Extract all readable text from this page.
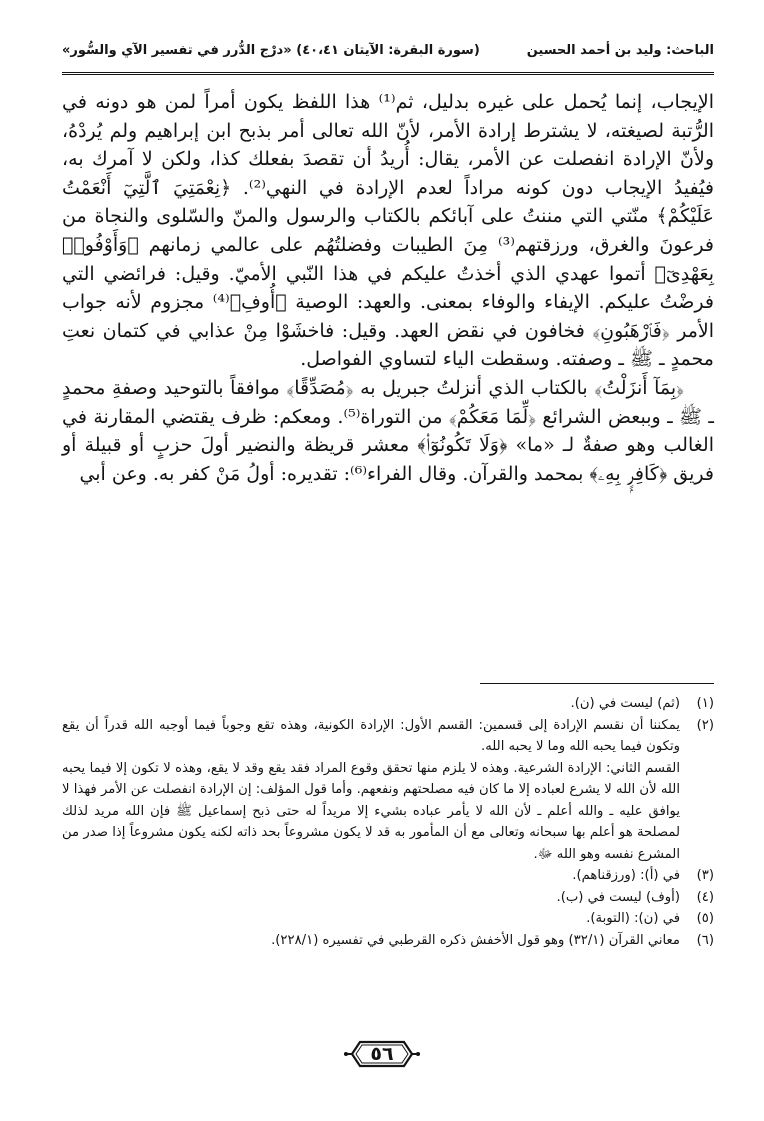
الباحث: وليد بن أحمد الحسين
(سورة البقرة: الآيتان ٤٠،٤١)
«درْج الدُّرر في تفسير الآي والسُّور»

الإيجاب، إنما يُحمل على غيره بدليل، ثم⁽¹⁾ هذا اللفظ يكون أمراً لمن هو دونه في الرُّتبة لصيغته، لا يشترط إرادة الأمر، لأنّ الله تعالى أمر بذبح ابن إبراهيم ولم يُردْهُ، ولأنّ الإرادة انفصلت عن الأمر، يقال: أُريدُ أن تقصدَ بفعلك كذا، ولكن لا آمرك به، فيُفيدُ الإيجاب دون كونه مراداً لعدم الإرادة في النهي⁽²⁾. ﴿نِعْمَتِيَ ٱلَّتِيٓ أَنْعَمْتُ عَلَيْكُمْ﴾ منّتي التي مننتُ على آبائكم بالكتاب والرسول والمنّ والسّلوى والنجاة من فرعونَ والغرق، ورزقتهم⁽³⁾ مِنَ الطيبات وفضلتُهُم على عالمي زمانهم ﴿وَأَوْفُوا۟ بِعَهْدِىٓ﴾ أتموا عهدي الذي أخذتُ عليكم في هذا النّبي الأميّ. وقيل: فرائضي التي فرضْتُ عليكم. الإيفاء والوفاء بمعنى. والعهد: الوصية ﴿أُوفِ﴾⁽⁴⁾ مجزوم لأنه جواب الأمر ﴿فَٱرْهَبُونِ﴾ فخافون في نقض العهد. وقيل: فاخشَوْا مِنْ عذابي في كتمان نعتِ محمدٍ ـ ﷺ ـ وصفته. وسقطت الياء لتساوي الفواصل.

﴿بِمَآ أَنزَلْتُ﴾ بالكتاب الذي أنزلتُ جبريل به ﴿مُصَدِّقًا﴾ موافقاً بالتوحيد وصفةِ محمدٍ ـ ﷺ ـ وببعض الشرائع ﴿لِّمَا مَعَكُمْ﴾ من التوراة⁽⁵⁾. ومعكم: ظرف يقتضي المقارنة في الغالب وهو صفةٌ لـ «ما» ﴿وَلَا تَكُونُوٓا۟﴾ معشر قريظة والنضير أولَ حزبٍ أو قبيلة أو فريق ﴿كَافِرٍۭ بِهِۦ﴾ بمحمد والقرآن. وقال الفراء⁽⁶⁾: تقديره: أولُ مَنْ كفر به. وعن أبي

(١)

(ثم) ليست في (ن).

(٢)

يمكننا أن نقسم الإرادة إلى قسمين: القسم الأول: الإرادة الكونية، وهذه تقع وجوباً فيما أوجبه الله قدراً أن يقع وتكون فيما يحبه الله وما لا يحبه الله.

القسم الثاني: الإرادة الشرعية. وهذه لا يلزم منها تحقق وقوع المراد فقد يقع وقد لا يقع، وهذه لا تكون إلا فيما يحبه الله لأن الله لا يشرع لعباده إلا ما كان فيه مصلحتهم ونفعهم. وأما قول المؤلف: إن الإرادة انفصلت عن الأمر فهذا لا يوافق عليه ـ والله أعلم ـ لأن الله لا يأمر عباده بشيء إلا مريداً له حتى ذبح إسماعيل ﷺ فإن الله مريد لذلك لمصلحة هو أعلم بها سبحانه وتعالى مع أن المأمور به قد لا يكون مشروعاً بحد ذاته لكنه يكون مشروعاً إذا صدر من المشرع نفسه وهو الله ﷻ.

(٣)

في (أ): (ورزقناهم).

(٤)

(أوف) ليست في (ب).

(٥)

في (ن): (التوبة).

(٦)

معاني القرآن (٣٢/١) وهو قول الأخفش ذكره القرطبي في تفسيره (٢٢٨/١).

٥٦
